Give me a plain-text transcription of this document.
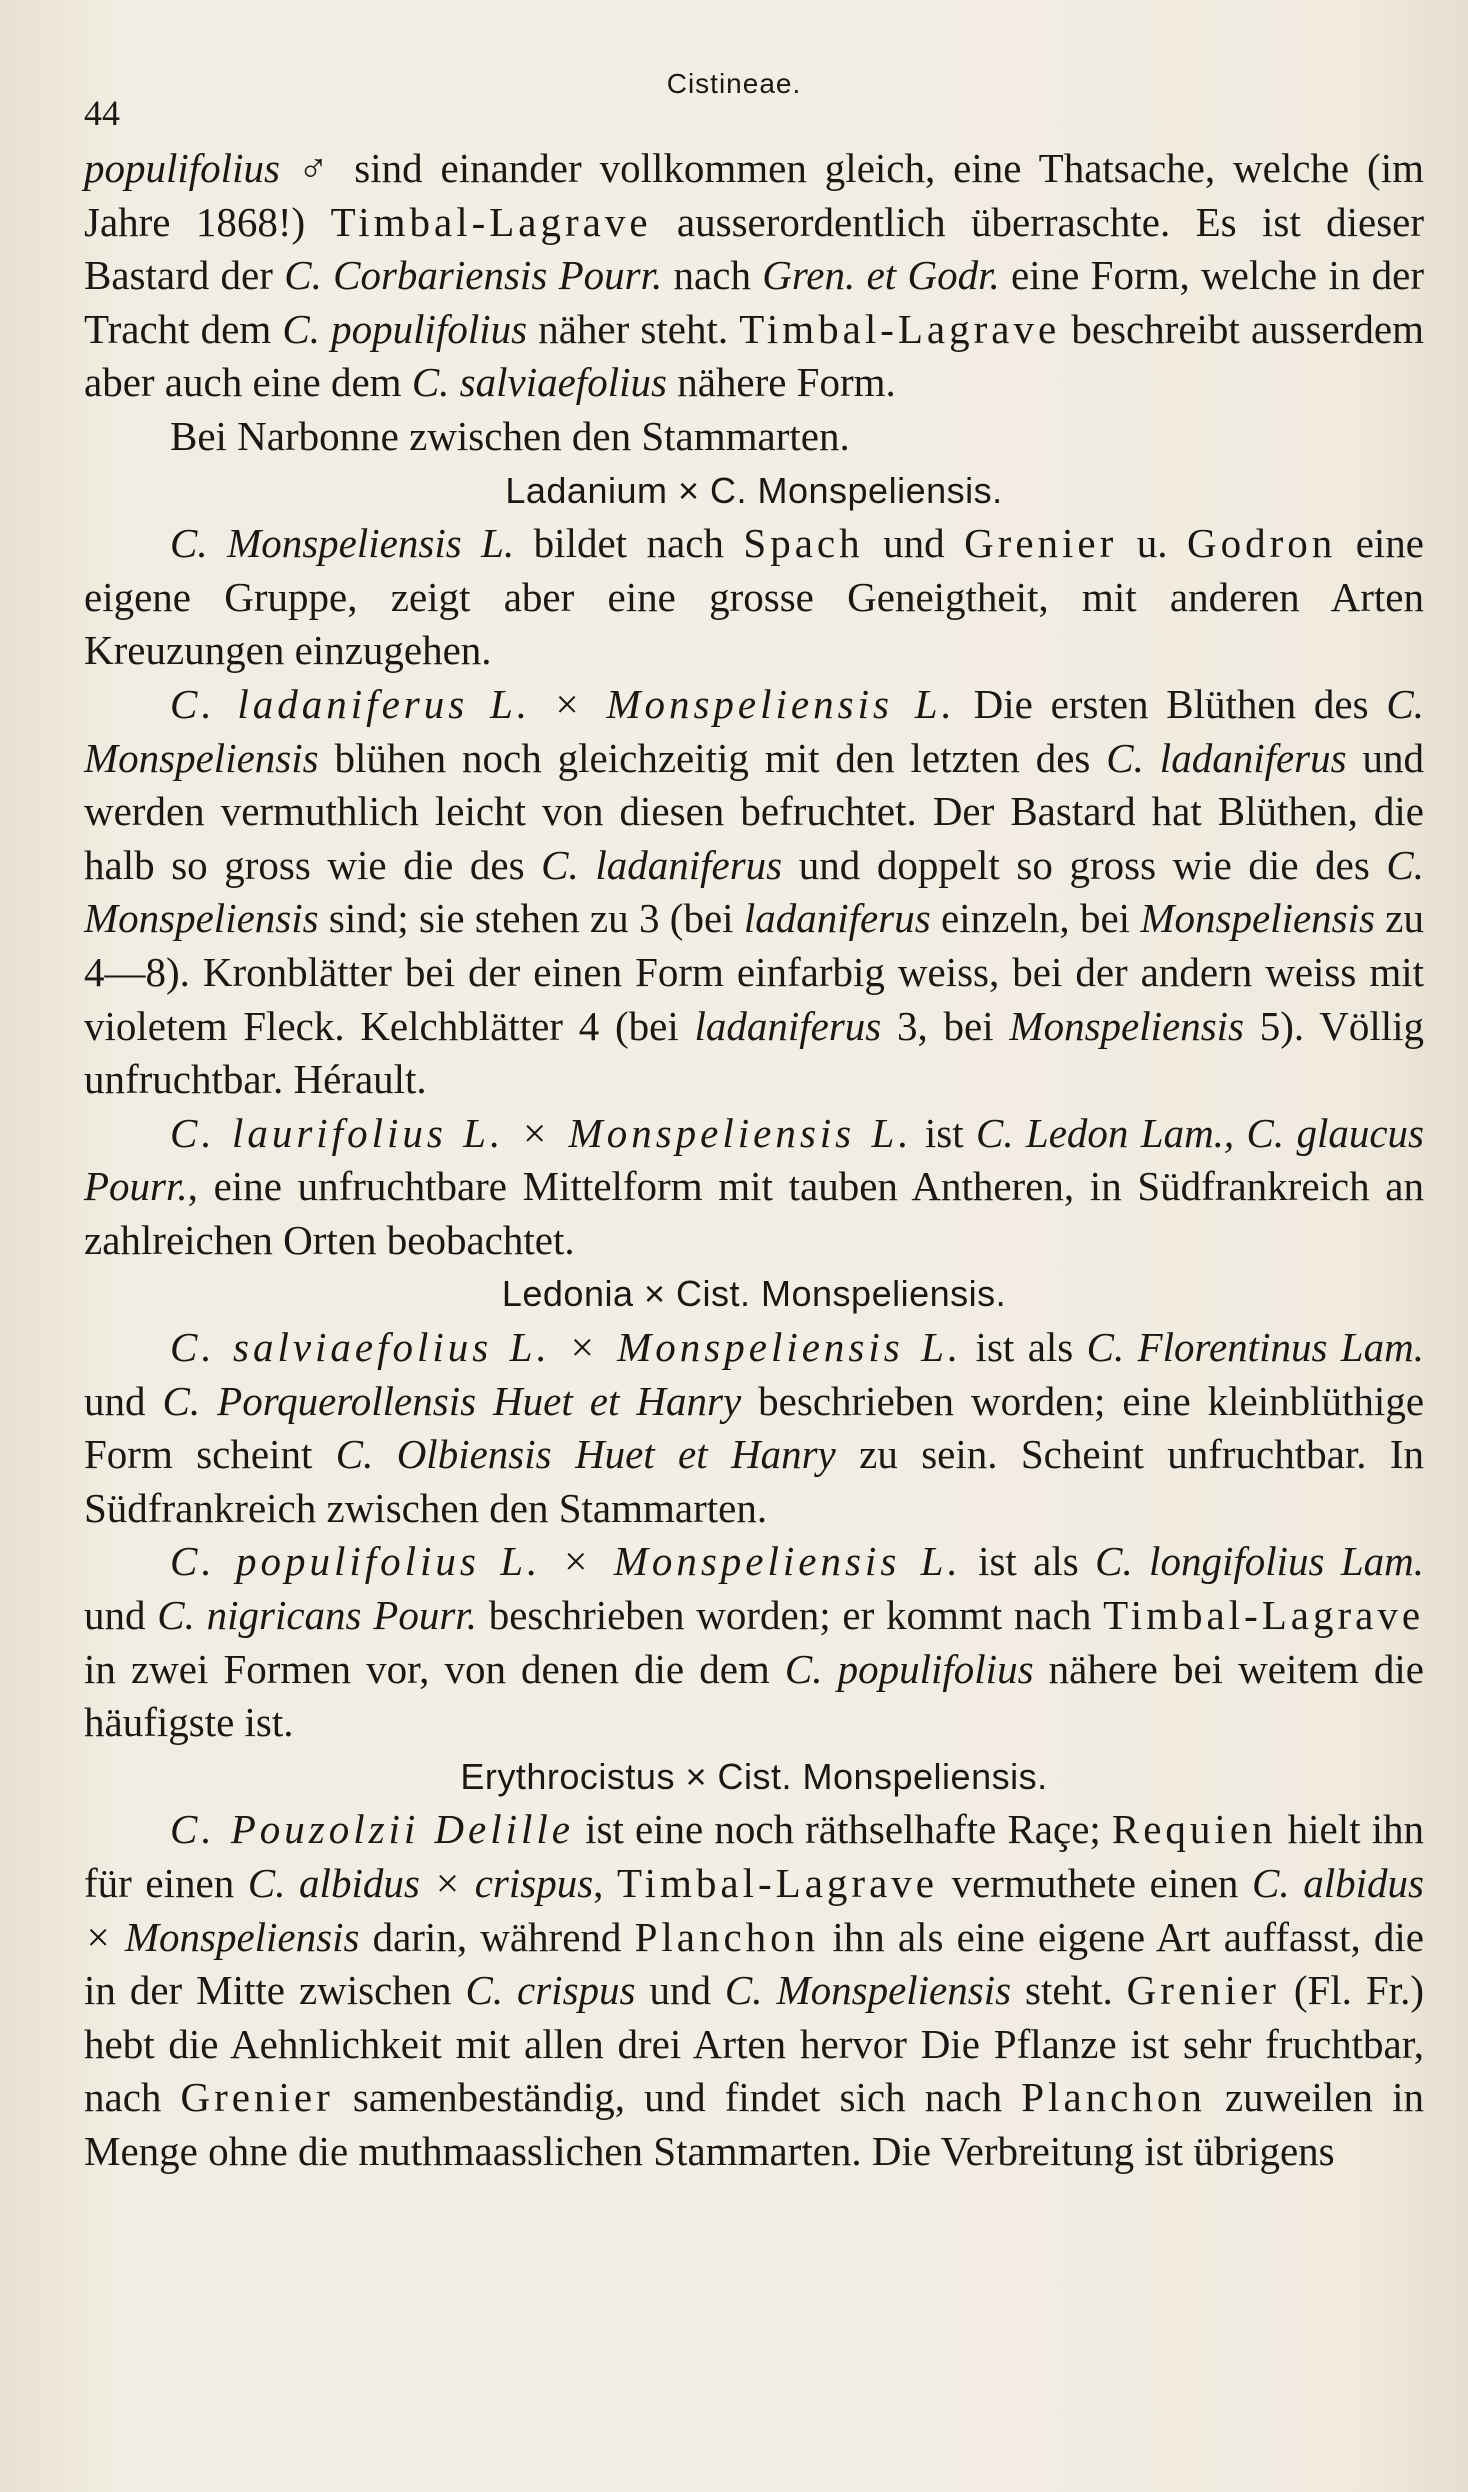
44
Cistineae.

populifolius ♂ sind einander vollkommen gleich, eine Thatsache, welche (im Jahre 1868!) Timbal-Lagrave ausserordentlich überraschte. Es ist dieser Bastard der C. Corbariensis Pourr. nach Gren. et Godr. eine Form, welche in der Tracht dem C. populifolius näher steht. Timbal-Lagrave beschreibt ausserdem aber auch eine dem C. salviaefolius nähere Form.

Bei Narbonne zwischen den Stammarten.

Ladanium × C. Monspeliensis.

C. Monspeliensis L. bildet nach Spach und Grenier u. Godron eine eigene Gruppe, zeigt aber eine grosse Geneigtheit, mit anderen Arten Kreuzungen einzugehen.

C. ladaniferus L. × Monspeliensis L. Die ersten Blüthen des C. Monspeliensis blühen noch gleichzeitig mit den letzten des C. ladaniferus und werden vermuthlich leicht von diesen befruchtet. Der Bastard hat Blüthen, die halb so gross wie die des C. ladaniferus und doppelt so gross wie die des C. Monspeliensis sind; sie stehen zu 3 (bei ladaniferus einzeln, bei Monspeliensis zu 4—8). Kronblätter bei der einen Form einfarbig weiss, bei der andern weiss mit violetem Fleck. Kelchblätter 4 (bei ladaniferus 3, bei Monspeliensis 5). Völlig unfruchtbar. Hérault.

C. laurifolius L. × Monspeliensis L. ist C. Ledon Lam., C. glaucus Pourr., eine unfruchtbare Mittelform mit tauben Antheren, in Südfrankreich an zahlreichen Orten beobachtet.

Ledonia × Cist. Monspeliensis.

C. salviaefolius L. × Monspeliensis L. ist als C. Florentinus Lam. und C. Porquerollensis Huet et Hanry beschrieben worden; eine kleinblüthige Form scheint C. Olbiensis Huet et Hanry zu sein. Scheint unfruchtbar. In Südfrankreich zwischen den Stammarten.

C. populifolius L. × Monspeliensis L. ist als C. longifolius Lam. und C. nigricans Pourr. beschrieben worden; er kommt nach Timbal-Lagrave in zwei Formen vor, von denen die dem C. populifolius nähere bei weitem die häufigste ist.

Erythrocistus × Cist. Monspeliensis.

C. Pouzolzii Delille ist eine noch räthselhafte Raçe; Requien hielt ihn für einen C. albidus × crispus, Timbal-Lagrave vermuthete einen C. albidus × Monspeliensis darin, während Planchon ihn als eine eigene Art auffasst, die in der Mitte zwischen C. crispus und C. Monspeliensis steht. Grenier (Fl. Fr.) hebt die Aehnlichkeit mit allen drei Arten hervor Die Pflanze ist sehr fruchtbar, nach Grenier samenbeständig, und findet sich nach Planchon zuweilen in Menge ohne die muthmaasslichen Stammarten. Die Verbreitung ist übrigens
